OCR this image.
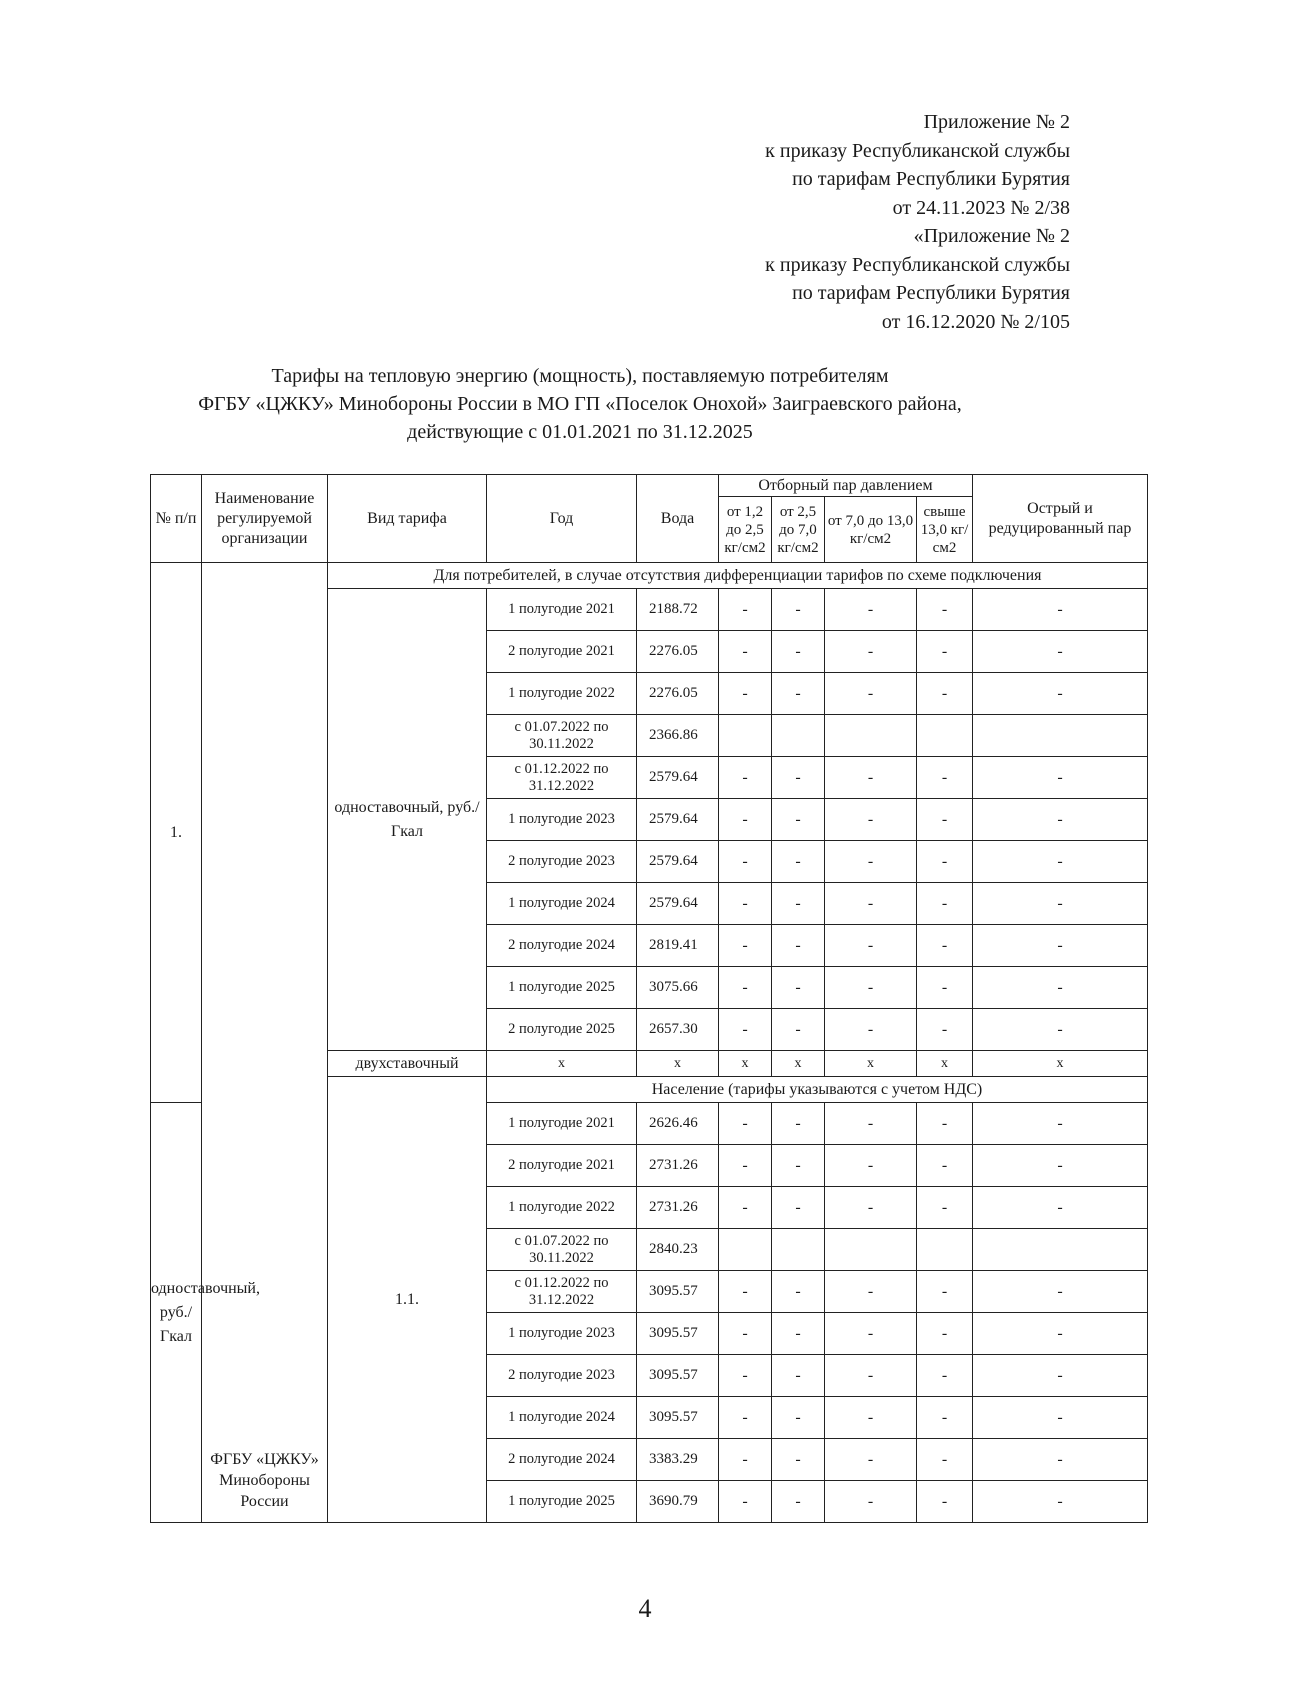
Приложение № 2
к приказу Республиканской службы
по тарифам Республики Бурятия
от 24.11.2023 № 2/38
«Приложение № 2
к приказу Республиканской службы
по тарифам Республики Бурятия
от 16.12.2020 № 2/105
Тарифы на тепловую энергию (мощность), поставляемую потребителям
ФГБУ «ЦЖКУ» Минобороны России в МО ГП «Поселок Онохой» Заиграевского района,
действующие с 01.01.2021 по 31.12.2025
№ п/п	Наименование регулируемой организации	Вид тарифа	Год	Вода	Отборный пар давлением				Острый и редуцированный пар
					от 1,2 до 2,5 кг/см2	от 2,5 до 7,0 кг/см2	от 7,0 до 13,0 кг/см2	свыше 13,0 кг/см2	
1.	ФГБУ «ЦЖКУ» Минобороны России	Для потребителей, в случае отсутствия дифференциации тарифов по схеме подключения							
		одноставочный, руб./Гкал	1 полугодие 2021	2188.72	-	-	-	-	-
			2 полугодие 2021	2276.05	-	-	-	-	-
			1 полугодие 2022	2276.05	-	-	-	-	-
			с 01.07.2022 по 30.11.2022	2366.86					
			с 01.12.2022 по 31.12.2022	2579.64	-	-	-	-	-
			1 полугодие 2023	2579.64	-	-	-	-	-
			2 полугодие 2023	2579.64	-	-	-	-	-
			1 полугодие 2024	2579.64	-	-	-	-	-
			2 полугодие 2024	2819.41	-	-	-	-	-
			1 полугодие 2025	3075.66	-	-	-	-	-
			2 полугодие 2025	2657.30	-	-	-	-	-
		двухставочный	x	x	x	x	x	x	x
		1.1.	Население (тарифы указываются с учетом НДС)						
одноставочный, руб./Гкал			1 полугодие 2021	2626.46	-	-	-	-	-
			2 полугодие 2021	2731.26	-	-	-	-	-
			1 полугодие 2022	2731.26	-	-	-	-	-
			с 01.07.2022 по 30.11.2022	2840.23					
			с 01.12.2022 по 31.12.2022	3095.57	-	-	-	-	-
			1 полугодие 2023	3095.57	-	-	-	-	-
			2 полугодие 2023	3095.57	-	-	-	-	-
			1 полугодие 2024	3095.57	-	-	-	-	-
			2 полугодие 2024	3383.29	-	-	-	-	-
			1 полугодие 2025	3690.79	-	-	-	-	-
4
